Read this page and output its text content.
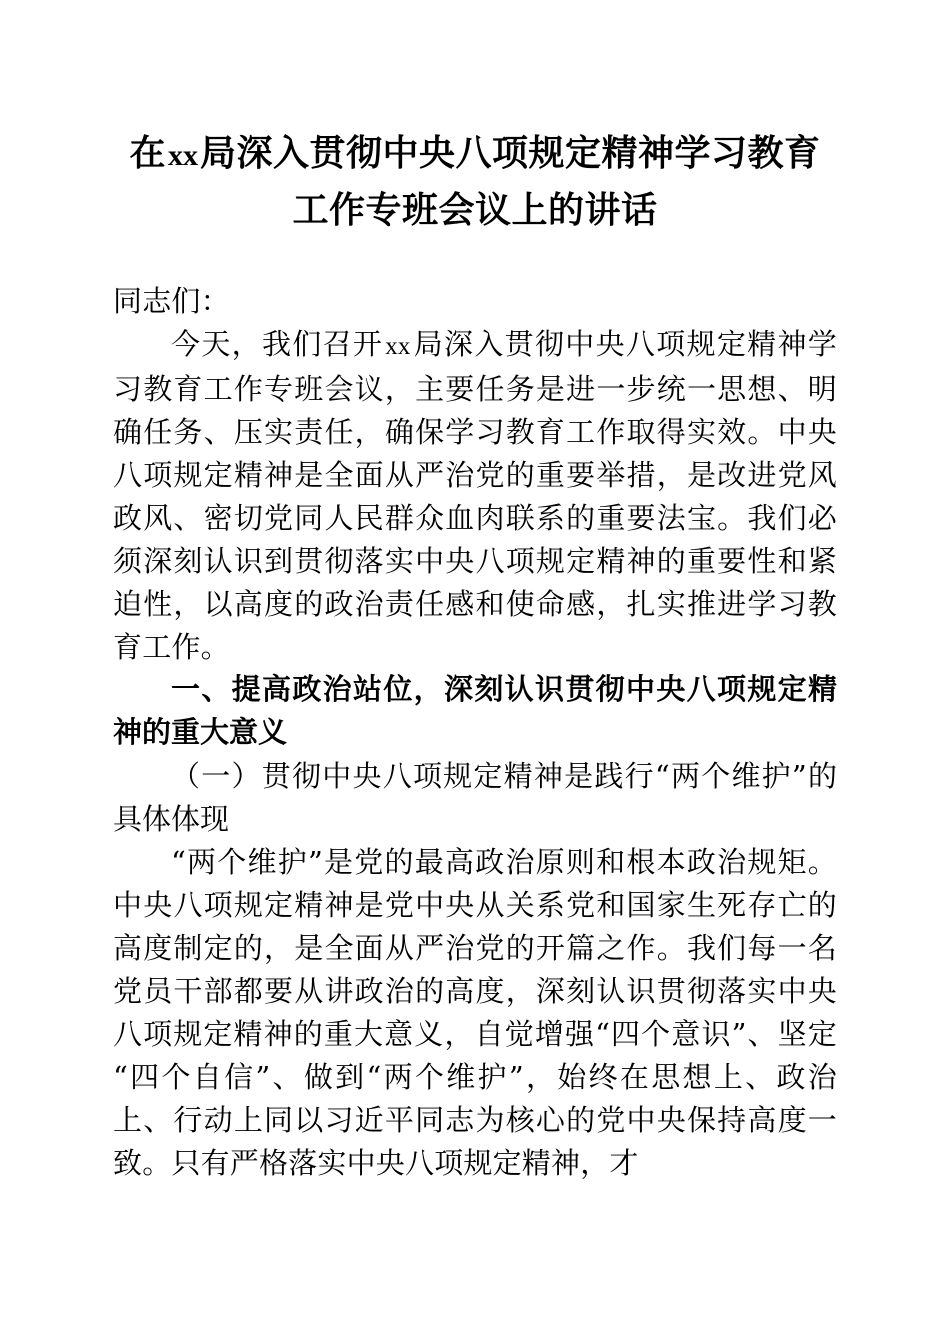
在xx局深入贯彻中央八项规定精神学习教育
工作专班会议上的讲话

同志们：

今天，我们召开xx局深入贯彻中央八项规定精神学习教育工作专班会议，主要任务是进一步统一思想、明确任务、压实责任，确保学习教育工作取得实效。中央八项规定精神是全面从严治党的重要举措，是改进党风政风、密切党同人民群众血肉联系的重要法宝。我们必须深刻认识到贯彻落实中央八项规定精神的重要性和紧迫性，以高度的政治责任感和使命感，扎实推进学习教育工作。

一、提高政治站位，深刻认识贯彻中央八项规定精神的重大意义

（一）贯彻中央八项规定精神是践行“两个维护”的具体体现

“两个维护”是党的最高政治原则和根本政治规矩。中央八项规定精神是党中央从关系党和国家生死存亡的高度制定的，是全面从严治党的开篇之作。我们每一名党员干部都要从讲政治的高度，深刻认识贯彻落实中央八项规定精神的重大意义，自觉增强“四个意识”、坚定“四个自信”、做到“两个维护”，始终在思想上、政治上、行动上同以习近平同志为核心的党中央保持高度一致。只有严格落实中央八项规定精神，才
